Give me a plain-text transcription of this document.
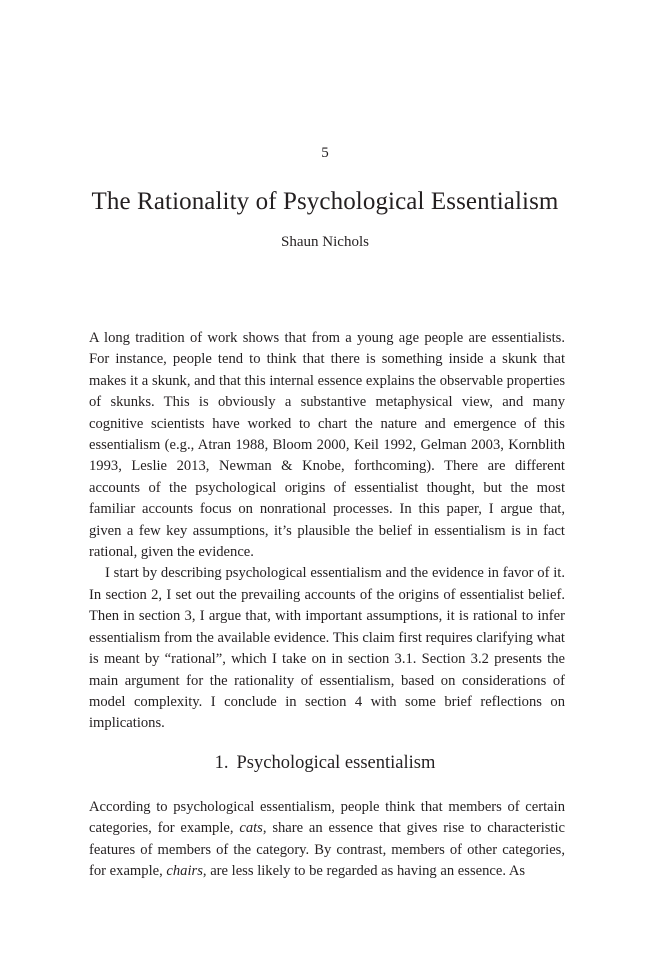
5
The Rationality of Psychological Essentialism
Shaun Nichols

A long tradition of work shows that from a young age people are essentialists. For instance, people tend to think that there is something inside a skunk that makes it a skunk, and that this internal essence explains the observable properties of skunks. This is obviously a substantive metaphysical view, and many cognitive scientists have worked to chart the nature and emergence of this essentialism (e.g., Atran 1988, Bloom 2000, Keil 1992, Gelman 2003, Kornblith 1993, Leslie 2013, Newman & Knobe, forthcoming). There are different accounts of the psychological origins of essentialist thought, but the most familiar accounts focus on nonrational processes. In this paper, I argue that, given a few key assumptions, it’s plausible the belief in essentialism is in fact rational, given the evidence.

I start by describing psychological essentialism and the evidence in favor of it. In section 2, I set out the prevailing accounts of the origins of essentialist belief. Then in section 3, I argue that, with important assumptions, it is rational to infer essentialism from the available evidence. This claim first requires clarifying what is meant by “rational”, which I take on in section 3.1. Section 3.2 presents the main argument for the rationality of essentialism, based on considerations of model complexity. I conclude in section 4 with some brief reflections on implications.

1. Psychological essentialism

According to psychological essentialism, people think that members of certain categories, for example, cats, share an essence that gives rise to characteristic features of members of the category. By contrast, members of other categories, for example, chairs, are less likely to be regarded as having an essence. As
